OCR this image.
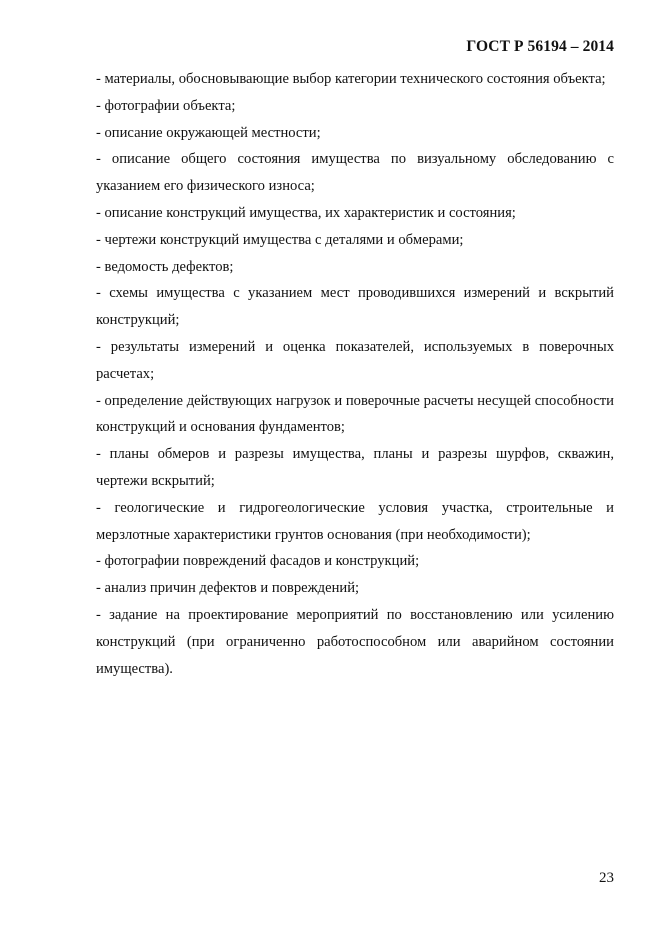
ГОСТ Р 56194 – 2014

- материалы, обосновывающие выбор категории технического состояния объекта;

- фотографии объекта;

- описание окружающей местности;

- описание общего состояния имущества по визуальному обследованию с указанием его физического износа;

- описание конструкций имущества, их характеристик и состояния;

- чертежи конструкций имущества с деталями и обмерами;

- ведомость дефектов;

- схемы имущества с указанием мест проводившихся измерений и вскрытий конструкций;

- результаты измерений и оценка показателей, используемых в поверочных расчетах;

- определение действующих нагрузок и поверочные расчеты несущей способности конструкций и основания фундаментов;

- планы обмеров и разрезы имущества, планы и разрезы шурфов, скважин, чертежи вскрытий;

- геологические и гидрогеологические условия участка, строительные и мерзлотные характеристики грунтов основания (при необходимости);

- фотографии повреждений фасадов и конструкций;

- анализ причин дефектов и повреждений;

- задание на проектирование мероприятий по восстановлению или усилению конструкций (при ограниченно работоспособном или аварийном состоянии имущества).

23
